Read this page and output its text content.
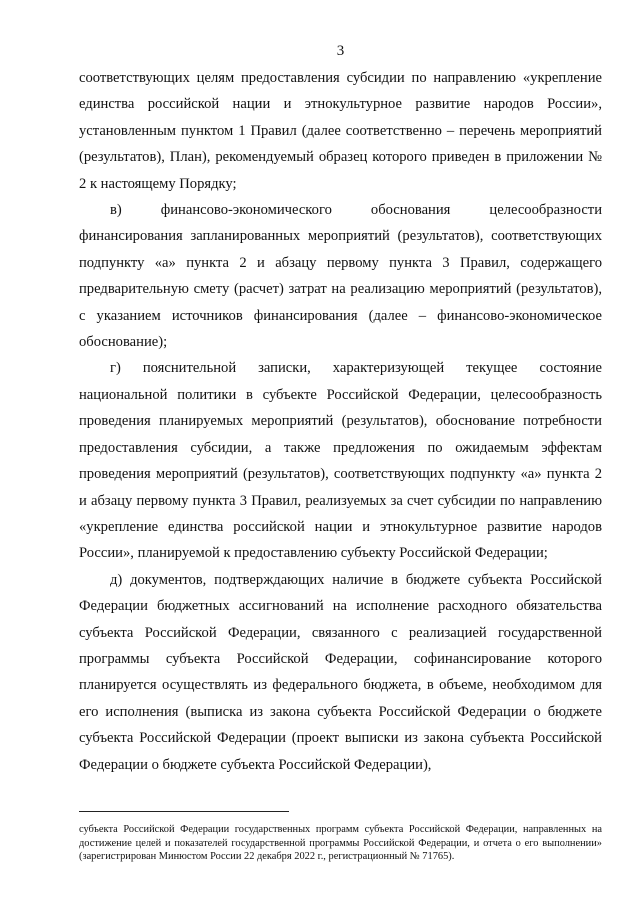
3

соответствующих целям предоставления субсидии по направлению «укрепление единства российской нации и этнокультурное развитие народов России», установленным пунктом 1 Правил (далее соответственно – перечень мероприятий (результатов), План), рекомендуемый образец которого приведен в приложении № 2 к настоящему Порядку;

в) финансово-экономического обоснования целесообразности финансирования запланированных мероприятий (результатов), соответствующих подпункту «а» пункта 2 и абзацу первому пункта 3 Правил, содержащего предварительную смету (расчет) затрат на реализацию мероприятий (результатов), с указанием источников финансирования (далее – финансово-экономическое обоснование);

г) пояснительной записки, характеризующей текущее состояние национальной политики в субъекте Российской Федерации, целесообразность проведения планируемых мероприятий (результатов), обоснование потребности предоставления субсидии, а также предложения по ожидаемым эффектам проведения мероприятий (результатов), соответствующих подпункту «а» пункта 2 и абзацу первому пункта 3 Правил, реализуемых за счет субсидии по направлению «укрепление единства российской нации и этнокультурное развитие народов России», планируемой к предоставлению субъекту Российской Федерации;

д) документов, подтверждающих наличие в бюджете субъекта Российской Федерации бюджетных ассигнований на исполнение расходного обязательства субъекта Российской Федерации, связанного с реализацией государственной программы субъекта Российской Федерации, софинансирование которого планируется осуществлять из федерального бюджета, в объеме, необходимом для его исполнения (выписка из закона субъекта Российской Федерации о бюджете субъекта Российской Федерации (проект выписки из закона субъекта Российской Федерации о бюджете субъекта Российской Федерации),

субъекта Российской Федерации государственных программ субъекта Российской Федерации, направленных на достижение целей и показателей государственной программы Российской Федерации, и отчета о его выполнении» (зарегистрирован Минюстом России 22 декабря 2022 г., регистрационный № 71765).
